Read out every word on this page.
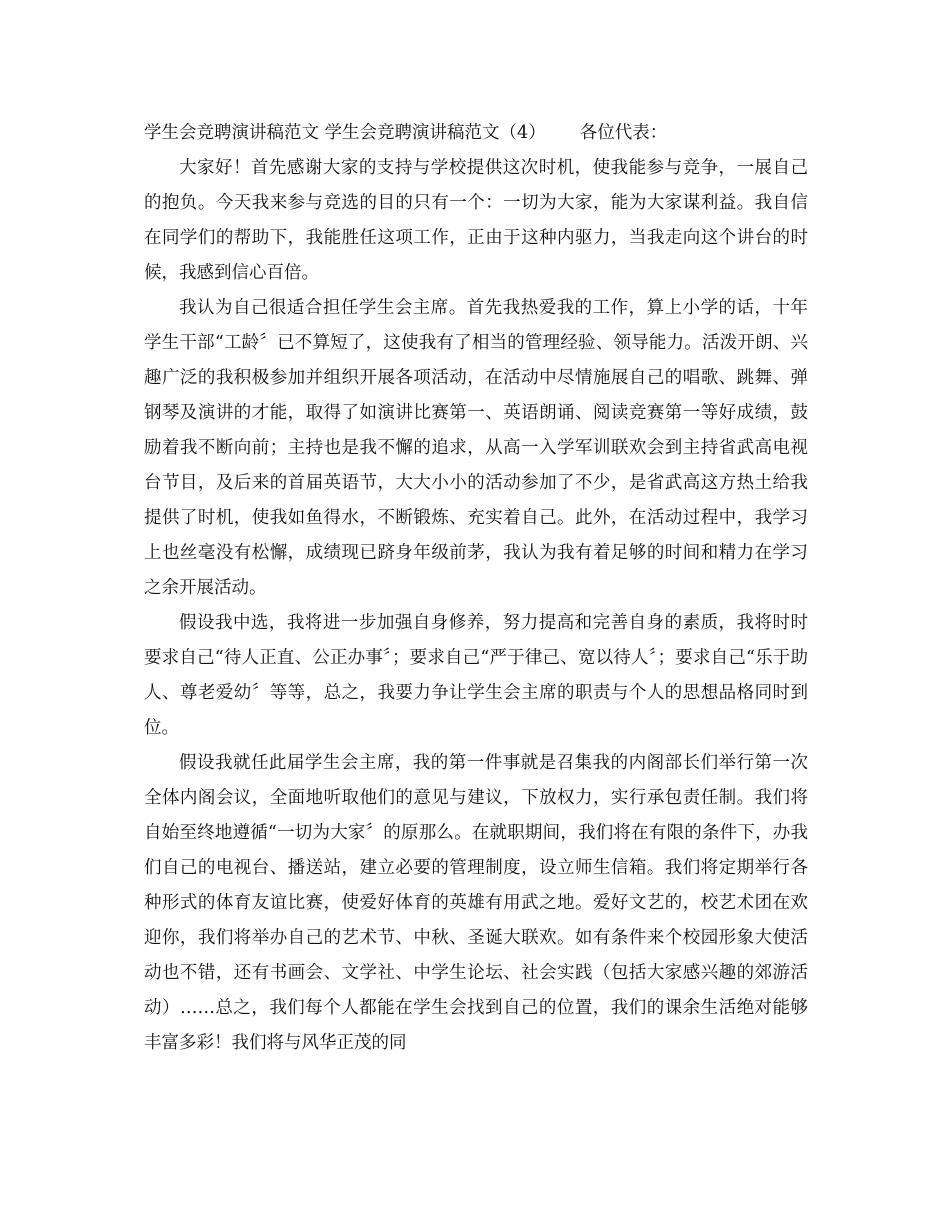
学生会竞聘演讲稿范文 学生会竞聘演讲稿范文（4） 各位代表：

大家好！首先感谢大家的支持与学校提供这次时机，使我能参与竞争，一展自己的抱负。今天我来参与竞选的目的只有一个：一切为大家，能为大家谋利益。我自信在同学们的帮助下，我能胜任这项工作，正由于这种内驱力，当我走向这个讲台的时候，我感到信心百倍。

我认为自己很适合担任学生会主席。首先我热爱我的工作，算上小学的话，十年学生干部“工龄〞已不算短了，这使我有了相当的管理经验、领导能力。活泼开朗、兴趣广泛的我积极参加并组织开展各项活动，在活动中尽情施展自己的唱歌、跳舞、弹钢琴及演讲的才能，取得了如演讲比赛第一、英语朗诵、阅读竞赛第一等好成绩，鼓励着我不断向前；主持也是我不懈的追求，从高一入学军训联欢会到主持省武高电视台节目，及后来的首届英语节，大大小小的活动参加了不少，是省武高这方热土给我提供了时机，使我如鱼得水，不断锻炼、充实着自己。此外，在活动过程中，我学习上也丝毫没有松懈，成绩现已跻身年级前茅，我认为我有着足够的时间和精力在学习之余开展活动。

假设我中选，我将进一步加强自身修养，努力提高和完善自身的素质，我将时时要求自己“待人正直、公正办事〞；要求自己“严于律己、宽以待人〞；要求自己“乐于助人、尊老爱幼〞等等，总之，我要力争让学生会主席的职责与个人的思想品格同时到位。

假设我就任此届学生会主席，我的第一件事就是召集我的内阁部长们举行第一次全体内阁会议，全面地听取他们的意见与建议，下放权力，实行承包责任制。我们将自始至终地遵循“一切为大家〞的原那么。在就职期间，我们将在有限的条件下，办我们自己的电视台、播送站，建立必要的管理制度，设立师生信箱。我们将定期举行各种形式的体育友谊比赛，使爱好体育的英雄有用武之地。爱好文艺的，校艺术团在欢迎你，我们将举办自己的艺术节、中秋、圣诞大联欢。如有条件来个校园形象大使活动也不错，还有书画会、文学社、中学生论坛、社会实践（包括大家感兴趣的郊游活动）……总之，我们每个人都能在学生会找到自己的位置，我们的课余生活绝对能够丰富多彩！我们将与风华正茂的同
